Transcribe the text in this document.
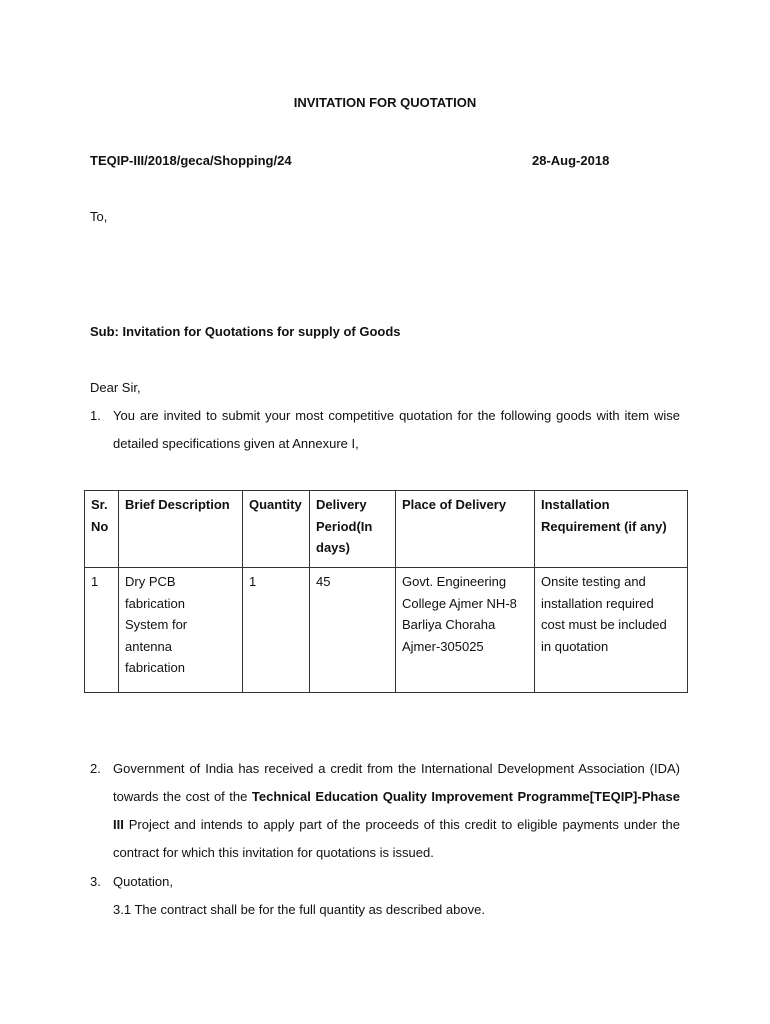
INVITATION FOR QUOTATION
TEQIP-III/2018/geca/Shopping/24	28-Aug-2018
To,
Sub: Invitation for Quotations for supply of Goods
Dear Sir,
1. You are invited to submit your most competitive quotation for the following goods with item wise detailed specifications given at Annexure I,
Sr.
No	Brief Description	Quantity	Delivery
Period(In
days)	Place of Delivery	Installation
Requirement (if any)
1	Dry PCB
fabrication
System for
antenna
fabrication	1	45	Govt. Engineering
College Ajmer NH-8
Barliya Choraha
Ajmer-305025	Onsite testing and
installation required
cost must be included
in quotation
2. Government of India has received a credit from the International Development Association (IDA) towards the cost of the Technical Education Quality Improvement Programme[TEQIP]-Phase III Project and intends to apply part of the proceeds of this credit to eligible payments under the contract for which this invitation for quotations is issued.
3. Quotation,
3.1 The contract shall be for the full quantity as described above.
